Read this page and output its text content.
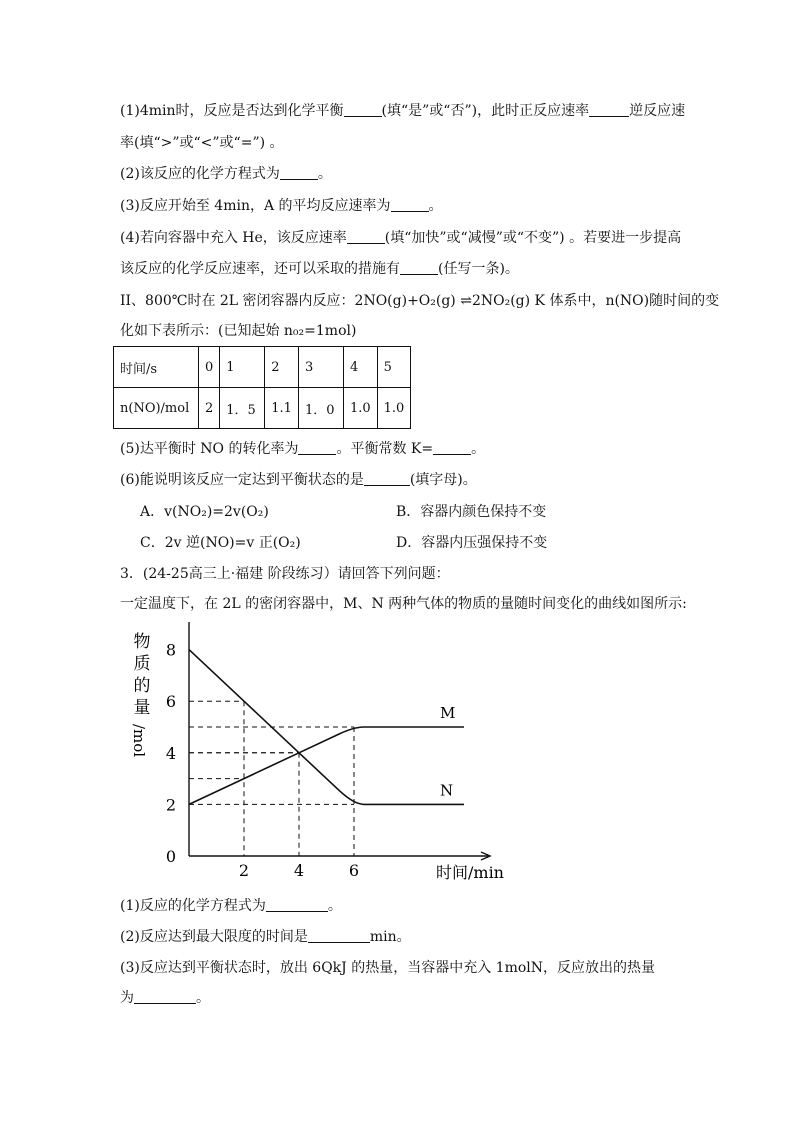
(1)4min时，反应是否达到化学平衡	(填“是”或“否”)，此时正反应速率	逆反应速
率(填“>”或“<”或“=”) 。
(2)该反应的化学方程式为	。
(3)反应开始至 4min，A 的平均反应速率为	。
(4)若向容器中充入 He，该反应速率	(填“加快”或“减慢”或“不变”) 。若要进一步提高
该反应的化学反应速率，还可以采取的措施有	(任写一条)。
II、800℃时在 2L 密闭容器内反应：2NO(g)+O₂(g) ⇌2NO₂(g) K 体系中，n(NO)随时间的变
化如下表所示：(已知起始 n₀₂=1mol)
时间/s	0	1	2	3	4	5
n(NO)/mol	2	1．5	1.1	1．0	1.0	1.0
(5)达平衡时 NO 的转化率为	。平衡常数 K=	。
(6)能说明该反应一定达到平衡状态的是	(填字母)。
A．v(NO₂)=2v(O₂)	B．容器内颜色保持不变
C．2v 逆(NO)=v 正(O₂)	D．容器内压强保持不变
3．(24-25高三上·福建 阶段练习）请回答下列问题：
一定温度下，在 2L 的密闭容器中，M、N 两种气体的物质的量随时间变化的曲线如图所示:
M
N
0
2
4
6
8
2	4	6
物
质
的
量
/mol
时间/min
(1)反应的化学方程式为	。
(2)反应达到最大限度的时间是	min。
(3)反应达到平衡状态时，放出 6QkJ 的热量，当容器中充入 1molN，反应放出的热量
为	。
